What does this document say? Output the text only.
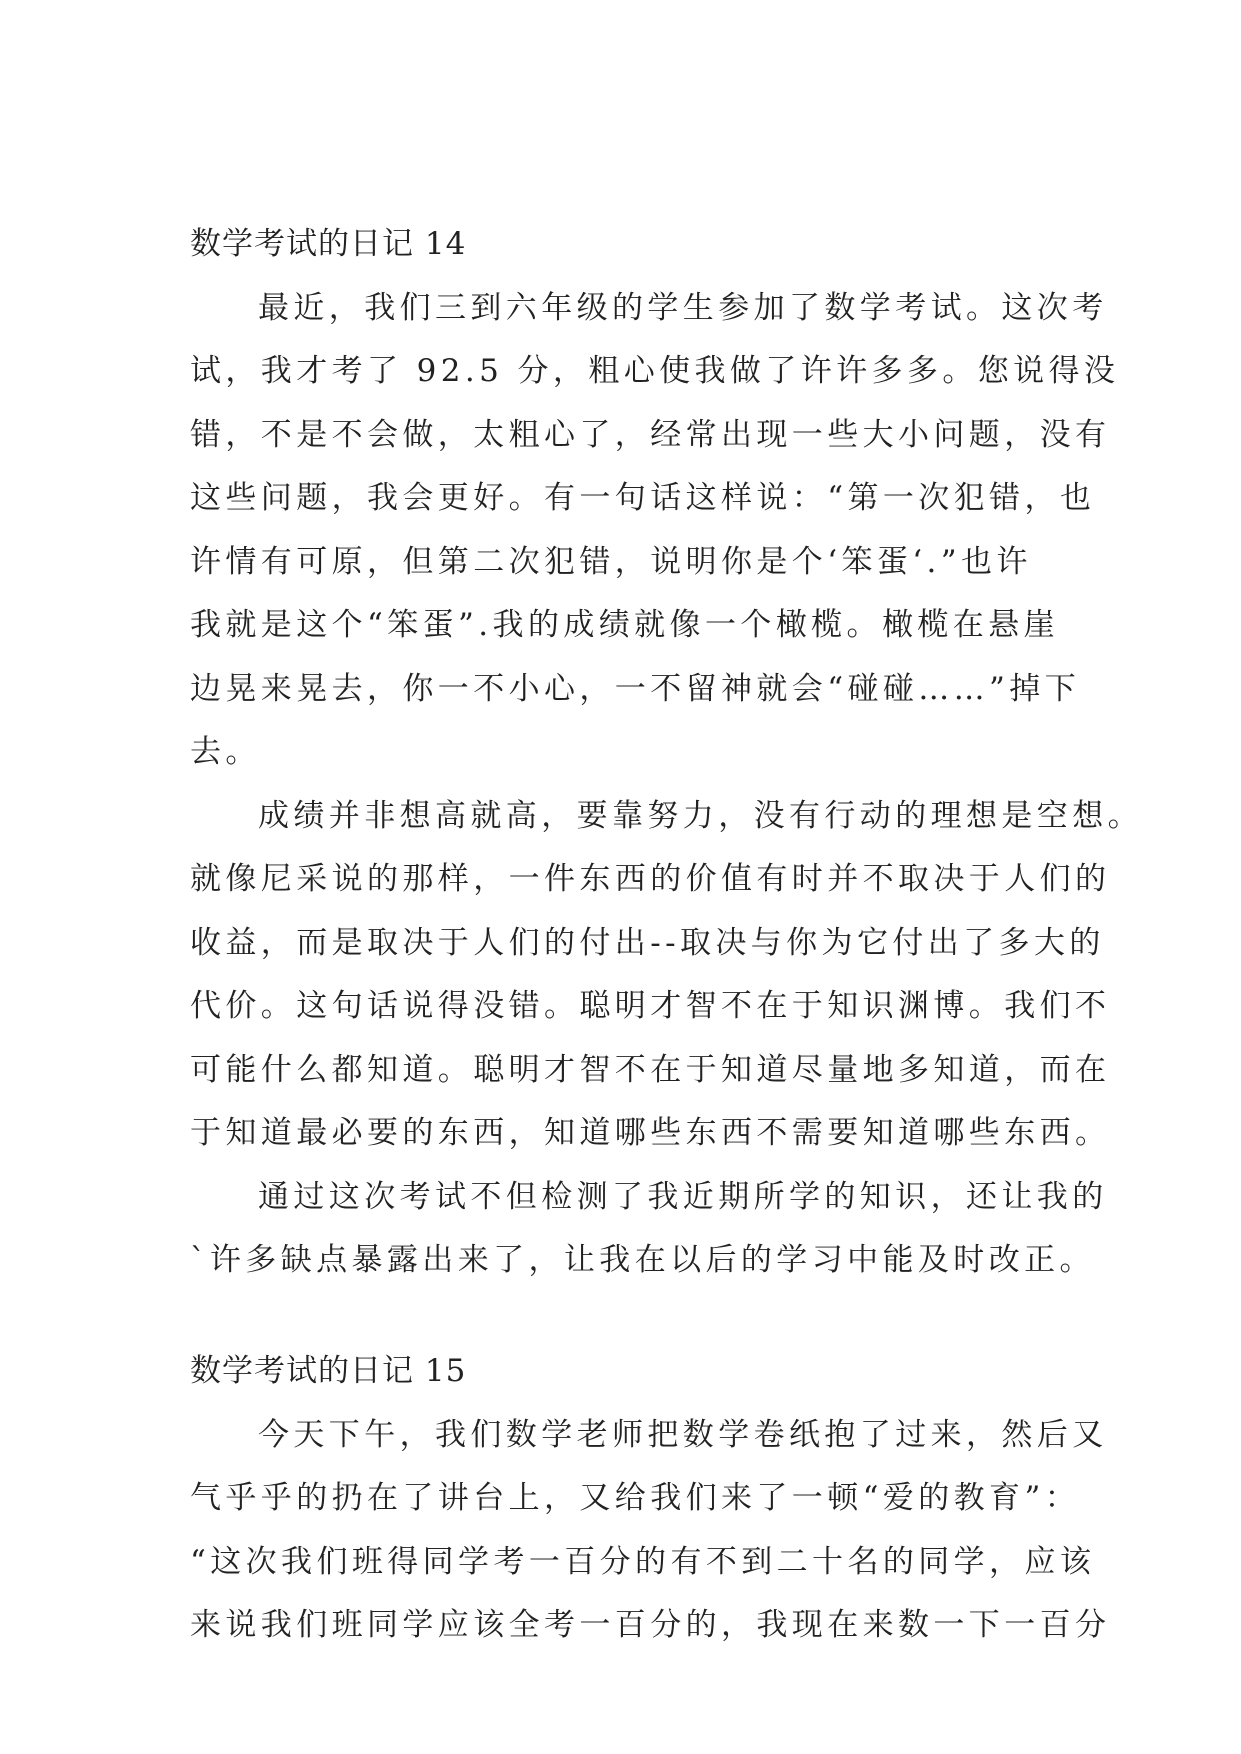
数学考试的日记 14
最近，我们三到六年级的学生参加了数学考试。这次考
试，我才考了 92.5 分，粗心使我做了许许多多。您说得没
错，不是不会做，太粗心了，经常出现一些大小问题，没有
这些问题，我会更好。有一句话这样说：“第一次犯错，也
许情有可原，但第二次犯错，说明你是个‘笨蛋‘.”也许
我就是这个“笨蛋”.我的成绩就像一个橄榄。橄榄在悬崖
边晃来晃去，你一不小心，一不留神就会“碰碰……”掉下
去。
成绩并非想高就高，要靠努力，没有行动的理想是空想。
就像尼采说的那样，一件东西的价值有时并不取决于人们的
收益，而是取决于人们的付出--取决与你为它付出了多大的
代价。这句话说得没错。聪明才智不在于知识渊博。我们不
可能什么都知道。聪明才智不在于知道尽量地多知道，而在
于知道最必要的东西，知道哪些东西不需要知道哪些东西。
通过这次考试不但检测了我近期所学的知识，还让我的
`许多缺点暴露出来了，让我在以后的学习中能及时改正。
数学考试的日记 15
今天下午，我们数学老师把数学卷纸抱了过来，然后又
气乎乎的扔在了讲台上，又给我们来了一顿“爱的教育”：
“这次我们班得同学考一百分的有不到二十名的同学，应该
来说我们班同学应该全考一百分的，我现在来数一下一百分
